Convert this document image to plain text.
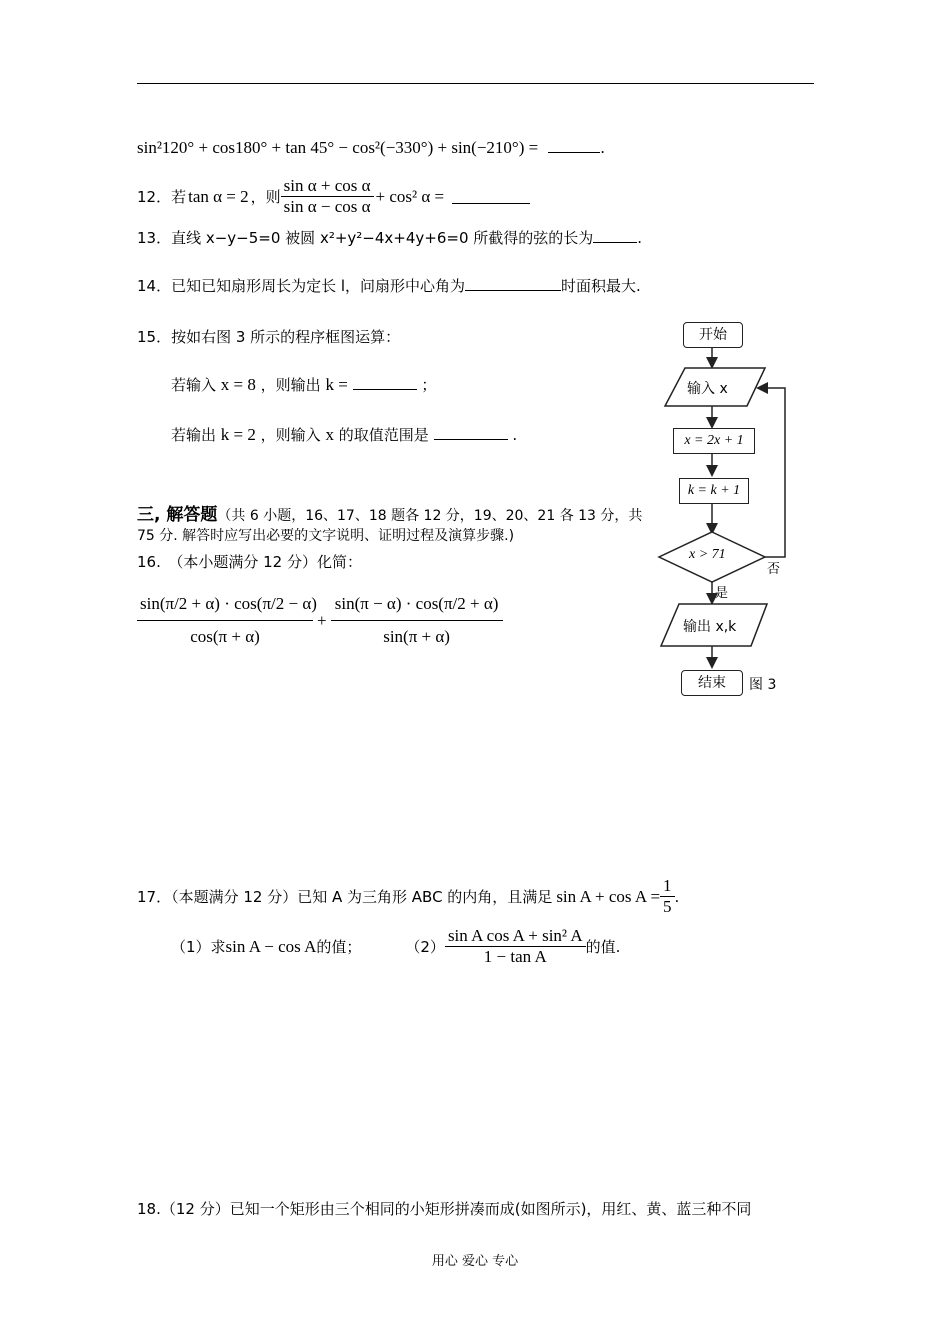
sin²120° + cos180° + tan 45° − cos²(−330°) + sin(−210°) =	.
12． 若 tan α = 2 ，则 $\frac{\text{sin α + cos α}}{\text{sin α − cos α}} + \cos^2$ α =
13．直线 x−y−5=0 被圆 x²+y²−4x+4y+6=0 所截得的弦的长为	.
14．已知已知扇形周长为定长 l，问扇形中心角为	时面积最大.
15．按如右图 3 所示的程序框图运算：
若输入 x = 8 ，则输出 k =	；
若输出 k = 2 ，则输入 x 的取值范围是	.
三, 解答题（共 6 小题，16、17、18 题各 12 分，19、20、21 各 13 分，共
75 分. 解答时应写出必要的文字说明、证明过程及演算步骤.)
16.　（本小题满分 12 分）化简：
$\frac{\sin(\pi/2 + \alpha) \cdot \cos(\pi/2 - \alpha)}{\cos(\pi + \alpha)} + \frac{\sin(\pi - \alpha) \cdot \cos(\pi/2 + \alpha)}{\sin(\pi + \alpha)}$
开始
输入 x
x = 2x + 1
k = k + 1
x > 71
否
是
输出 x,k
结束	图 3
17．（本题满分 12 分）已知 A 为三角形 ABC 的内角，且满足 $\sin A + \cos A = \frac{1}{5}$ .
（1）求 sin A − cos A 的值；	$(2) \frac{\text{sin A cos A + sin² A}}{\text{1 − tan A}}$ 的值.
18.（12 分）已知一个矩形由三个相同的小矩形拼凑而成(如图所示)，用红、黄、蓝三种不同
用心 爱心 专心
